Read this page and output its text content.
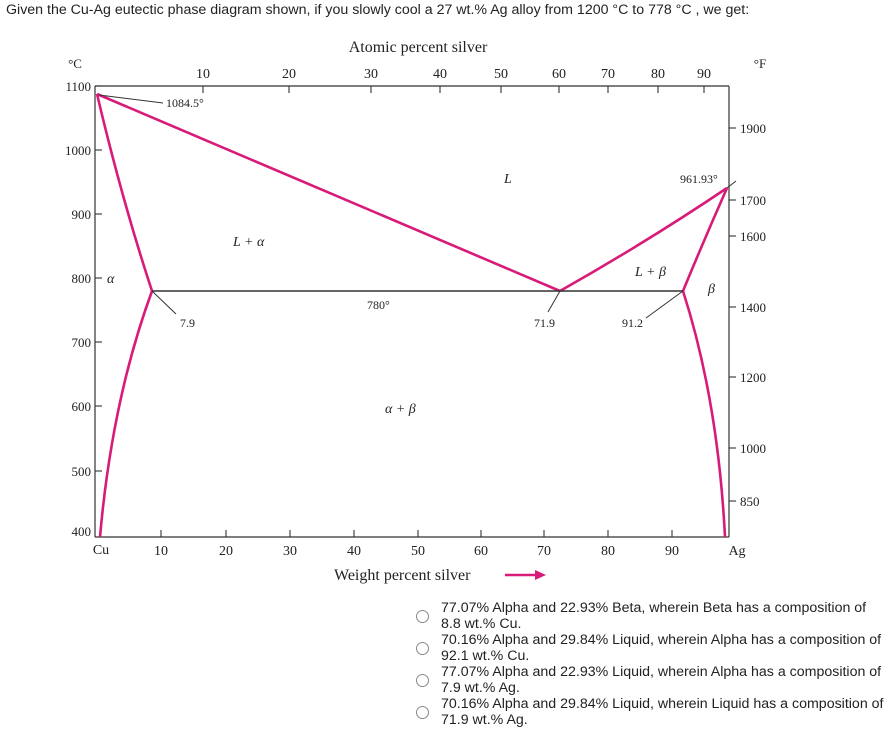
Given the Cu-Ag eutectic phase diagram shown, if you slowly cool a 27 wt.% Ag alloy from 1200 °C to 778 °C , we get:
Atomic percent silver
10	20	30	40	50	60	70	80 90
°C
1100
1000
900
800
700
600
500
400
°F
1900
1700
1600
1400
1200
1000
850
Cu	10	20	30	40	50	60	70	80	90	Ag
Weight percent silver
1084.5°
961.93°
780°
7.9	71.9	91.2
L
L + α
L + β
α + β
α
β
77.07% Alpha and 22.93% Beta, wherein Beta has a composition of 8.8 wt.% Cu.
70.16% Alpha and 29.84% Liquid, wherein Alpha has a composition of 92.1 wt.% Cu.
77.07% Alpha and 22.93% Liquid, wherein Alpha has a composition of 7.9 wt.% Ag.
70.16% Alpha and 29.84% Liquid, wherein Liquid has a composition of 71.9 wt.% Ag.
